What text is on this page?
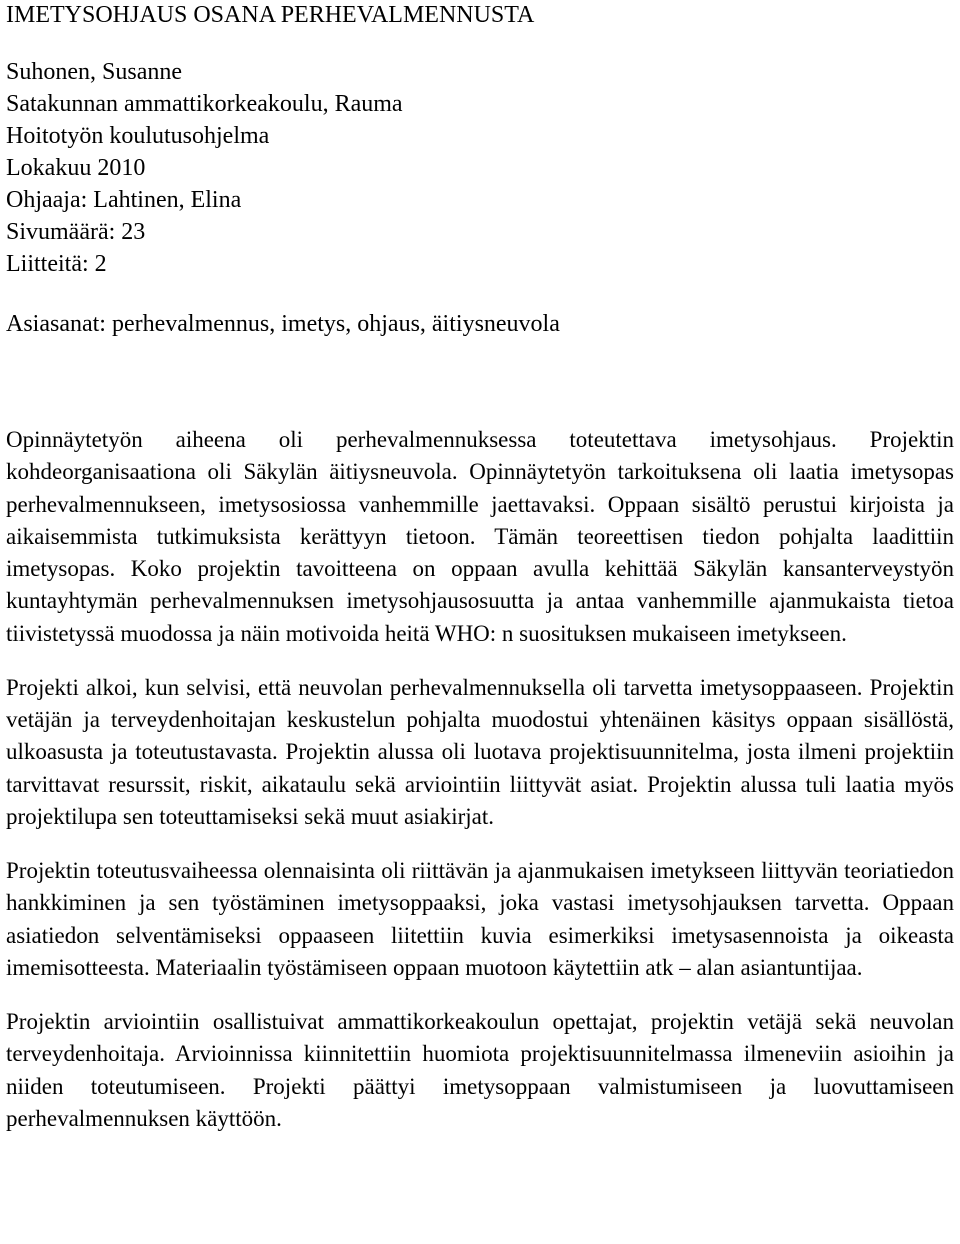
IMETYSOHJAUS OSANA PERHEVALMENNUSTA
Suhonen, Susanne
Satakunnan ammattikorkeakoulu, Rauma
Hoitotyön koulutusohjelma
Lokakuu 2010
Ohjaaja: Lahtinen, Elina
Sivumäärä: 23
Liitteitä: 2
Asiasanat: perhevalmennus, imetys, ohjaus, äitiysneuvola

Opinnäytetyön aiheena oli perhevalmennuksessa toteutettava imetysohjaus. Projektin kohdeorganisaationa oli Säkylän äitiysneuvola. Opinnäytetyön tarkoituksena oli laatia imetysopas perhevalmennukseen, imetysosiossa vanhemmille jaettavaksi. Oppaan sisältö perustui kirjoista ja aikaisemmista tutkimuksista kerättyyn tietoon. Tämän teoreettisen tiedon pohjalta laadittiin imetysopas. Koko projektin tavoitteena on oppaan avulla kehittää Säkylän kansanterveystyön kuntayhtymän perhevalmennuksen imetysohjausosuutta ja antaa vanhemmille ajanmukaista tietoa tiivistetyssä muodossa ja näin motivoida heitä WHO: n suosituksen mukaiseen imetykseen.

Projekti alkoi, kun selvisi, että neuvolan perhevalmennuksella oli tarvetta imetysoppaaseen. Projektin vetäjän ja terveydenhoitajan keskustelun pohjalta muodostui yhtenäinen käsitys oppaan sisällöstä, ulkoasusta ja toteutustavasta. Projektin alussa oli luotava projektisuunnitelma, josta ilmeni projektiin tarvittavat resurssit, riskit, aikataulu sekä arviointiin liittyvät asiat. Projektin alussa tuli laatia myös projektilupa sen toteuttamiseksi sekä muut asiakirjat.

Projektin toteutusvaiheessa olennaisinta oli riittävän ja ajanmukaisen imetykseen liittyvän teoriatiedon hankkiminen ja sen työstäminen imetysoppaaksi, joka vastasi imetysohjauksen tarvetta. Oppaan asiatiedon selventämiseksi oppaaseen liitettiin kuvia esimerkiksi imetysasennoista ja oikeasta imemisotteesta. Materiaalin työstämiseen oppaan muotoon käytettiin atk – alan asiantuntijaa.

Projektin arviointiin osallistuivat ammattikorkeakoulun opettajat, projektin vetäjä sekä neuvolan terveydenhoitaja. Arvioinnissa kiinnitettiin huomiota projektisuunnitelmassa ilmeneviin asioihin ja niiden toteutumiseen. Projekti päättyi imetysoppaan valmistumiseen ja luovuttamiseen perhevalmennuksen käyttöön.
